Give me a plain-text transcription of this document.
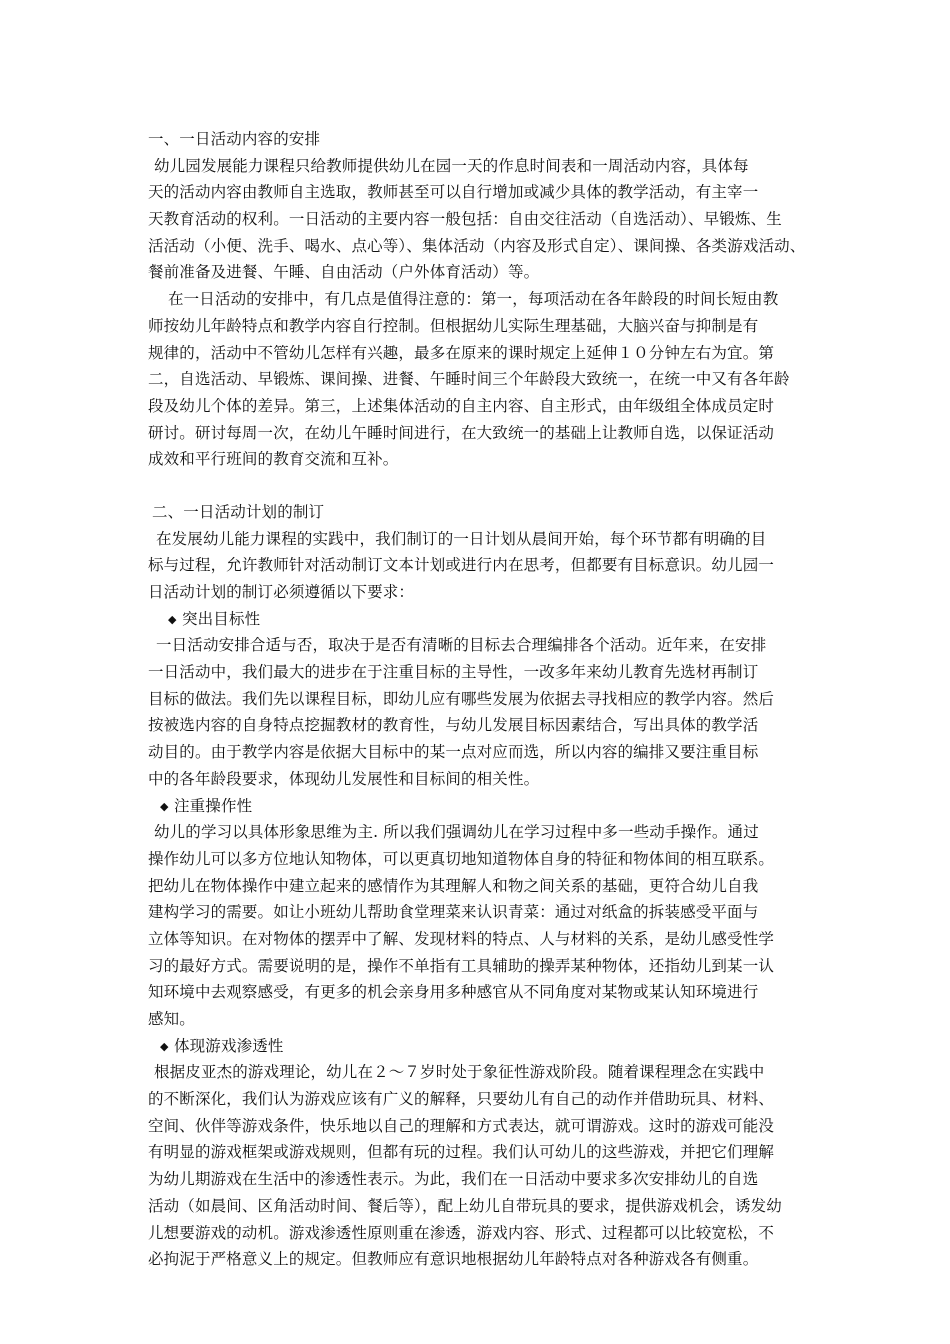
一、一日活动内容的安排
幼儿园发展能力课程只给教师提供幼儿在园一天的作息时间表和一周活动内容，具体每
天的活动内容由教师自主选取，教师甚至可以自行增加或减少具体的教学活动，有主宰一
天教育活动的权利。一日活动的主要内容一般包括：自由交往活动（自选活动）、早锻炼、生
活活动（小便、洗手、喝水、点心等）、集体活动（内容及形式自定）、课间操、各类游戏活动、
餐前准备及进餐、午睡、自由活动（户外体育活动）等。
在一日活动的安排中，有几点是值得注意的：第一，每项活动在各年龄段的时间长短由教
师按幼儿年龄特点和教学内容自行控制。但根据幼儿实际生理基础，大脑兴奋与抑制是有
规律的，活动中不管幼儿怎样有兴趣，最多在原来的课时规定上延伸１０分钟左右为宜。第
二，自选活动、早锻炼、课间操、进餐、午睡时间三个年龄段大致统一，在统一中又有各年龄
段及幼儿个体的差异。第三，上述集体活动的自主内容、自主形式，由年级组全体成员定时
研讨。研讨每周一次，在幼儿午睡时间进行，在大致统一的基础上让教师自选，以保证活动
成效和平行班间的教育交流和互补。
二、一日活动计划的制订
在发展幼儿能力课程的实践中，我们制订的一日计划从晨间开始，每个环节都有明确的目
标与过程，允许教师针对活动制订文本计划或进行内在思考，但都要有目标意识。幼儿园一
日活动计划的制订必须遵循以下要求：
◆ 突出目标性
一日活动安排合适与否，取决于是否有清晰的目标去合理编排各个活动。近年来，在安排
一日活动中，我们最大的进步在于注重目标的主导性，一改多年来幼儿教育先选材再制订
目标的做法。我们先以课程目标，即幼儿应有哪些发展为依据去寻找相应的教学内容。然后
按被选内容的自身特点挖掘教材的教育性，与幼儿发展目标因素结合，写出具体的教学活
动目的。由于教学内容是依据大目标中的某一点对应而选，所以内容的编排又要注重目标
中的各年龄段要求，体现幼儿发展性和目标间的相关性。
◆ 注重操作性
幼儿的学习以具体形象思维为主. 所以我们强调幼儿在学习过程中多一些动手操作。通过
操作幼儿可以多方位地认知物体，可以更真切地知道物体自身的特征和物体间的相互联系。
把幼儿在物体操作中建立起来的感情作为其理解人和物之间关系的基础，更符合幼儿自我
建构学习的需要。如让小班幼儿帮助食堂理菜来认识青菜：通过对纸盒的拆装感受平面与
立体等知识。在对物体的摆弄中了解、发现材料的特点、人与材料的关系，是幼儿感受性学
习的最好方式。需要说明的是，操作不单指有工具辅助的操弄某种物体，还指幼儿到某一认
知环境中去观察感受，有更多的机会亲身用多种感官从不同角度对某物或某认知环境进行
感知。
◆ 体现游戏渗透性
根据皮亚杰的游戏理论，幼儿在２～７岁时处于象征性游戏阶段。随着课程理念在实践中
的不断深化，我们认为游戏应该有广义的解释，只要幼儿有自己的动作并借助玩具、材料、
空间、伙伴等游戏条件，快乐地以自己的理解和方式表达，就可谓游戏。这时的游戏可能没
有明显的游戏框架或游戏规则，但都有玩的过程。我们认可幼儿的这些游戏，并把它们理解
为幼儿期游戏在生活中的渗透性表示。为此，我们在一日活动中要求多次安排幼儿的自选
活动（如晨间、区角活动时间、餐后等），配上幼儿自带玩具的要求，提供游戏机会，诱发幼
儿想要游戏的动机。游戏渗透性原则重在渗透，游戏内容、形式、过程都可以比较宽松，不
必拘泥于严格意义上的规定。但教师应有意识地根据幼儿年龄特点对各种游戏各有侧重。
